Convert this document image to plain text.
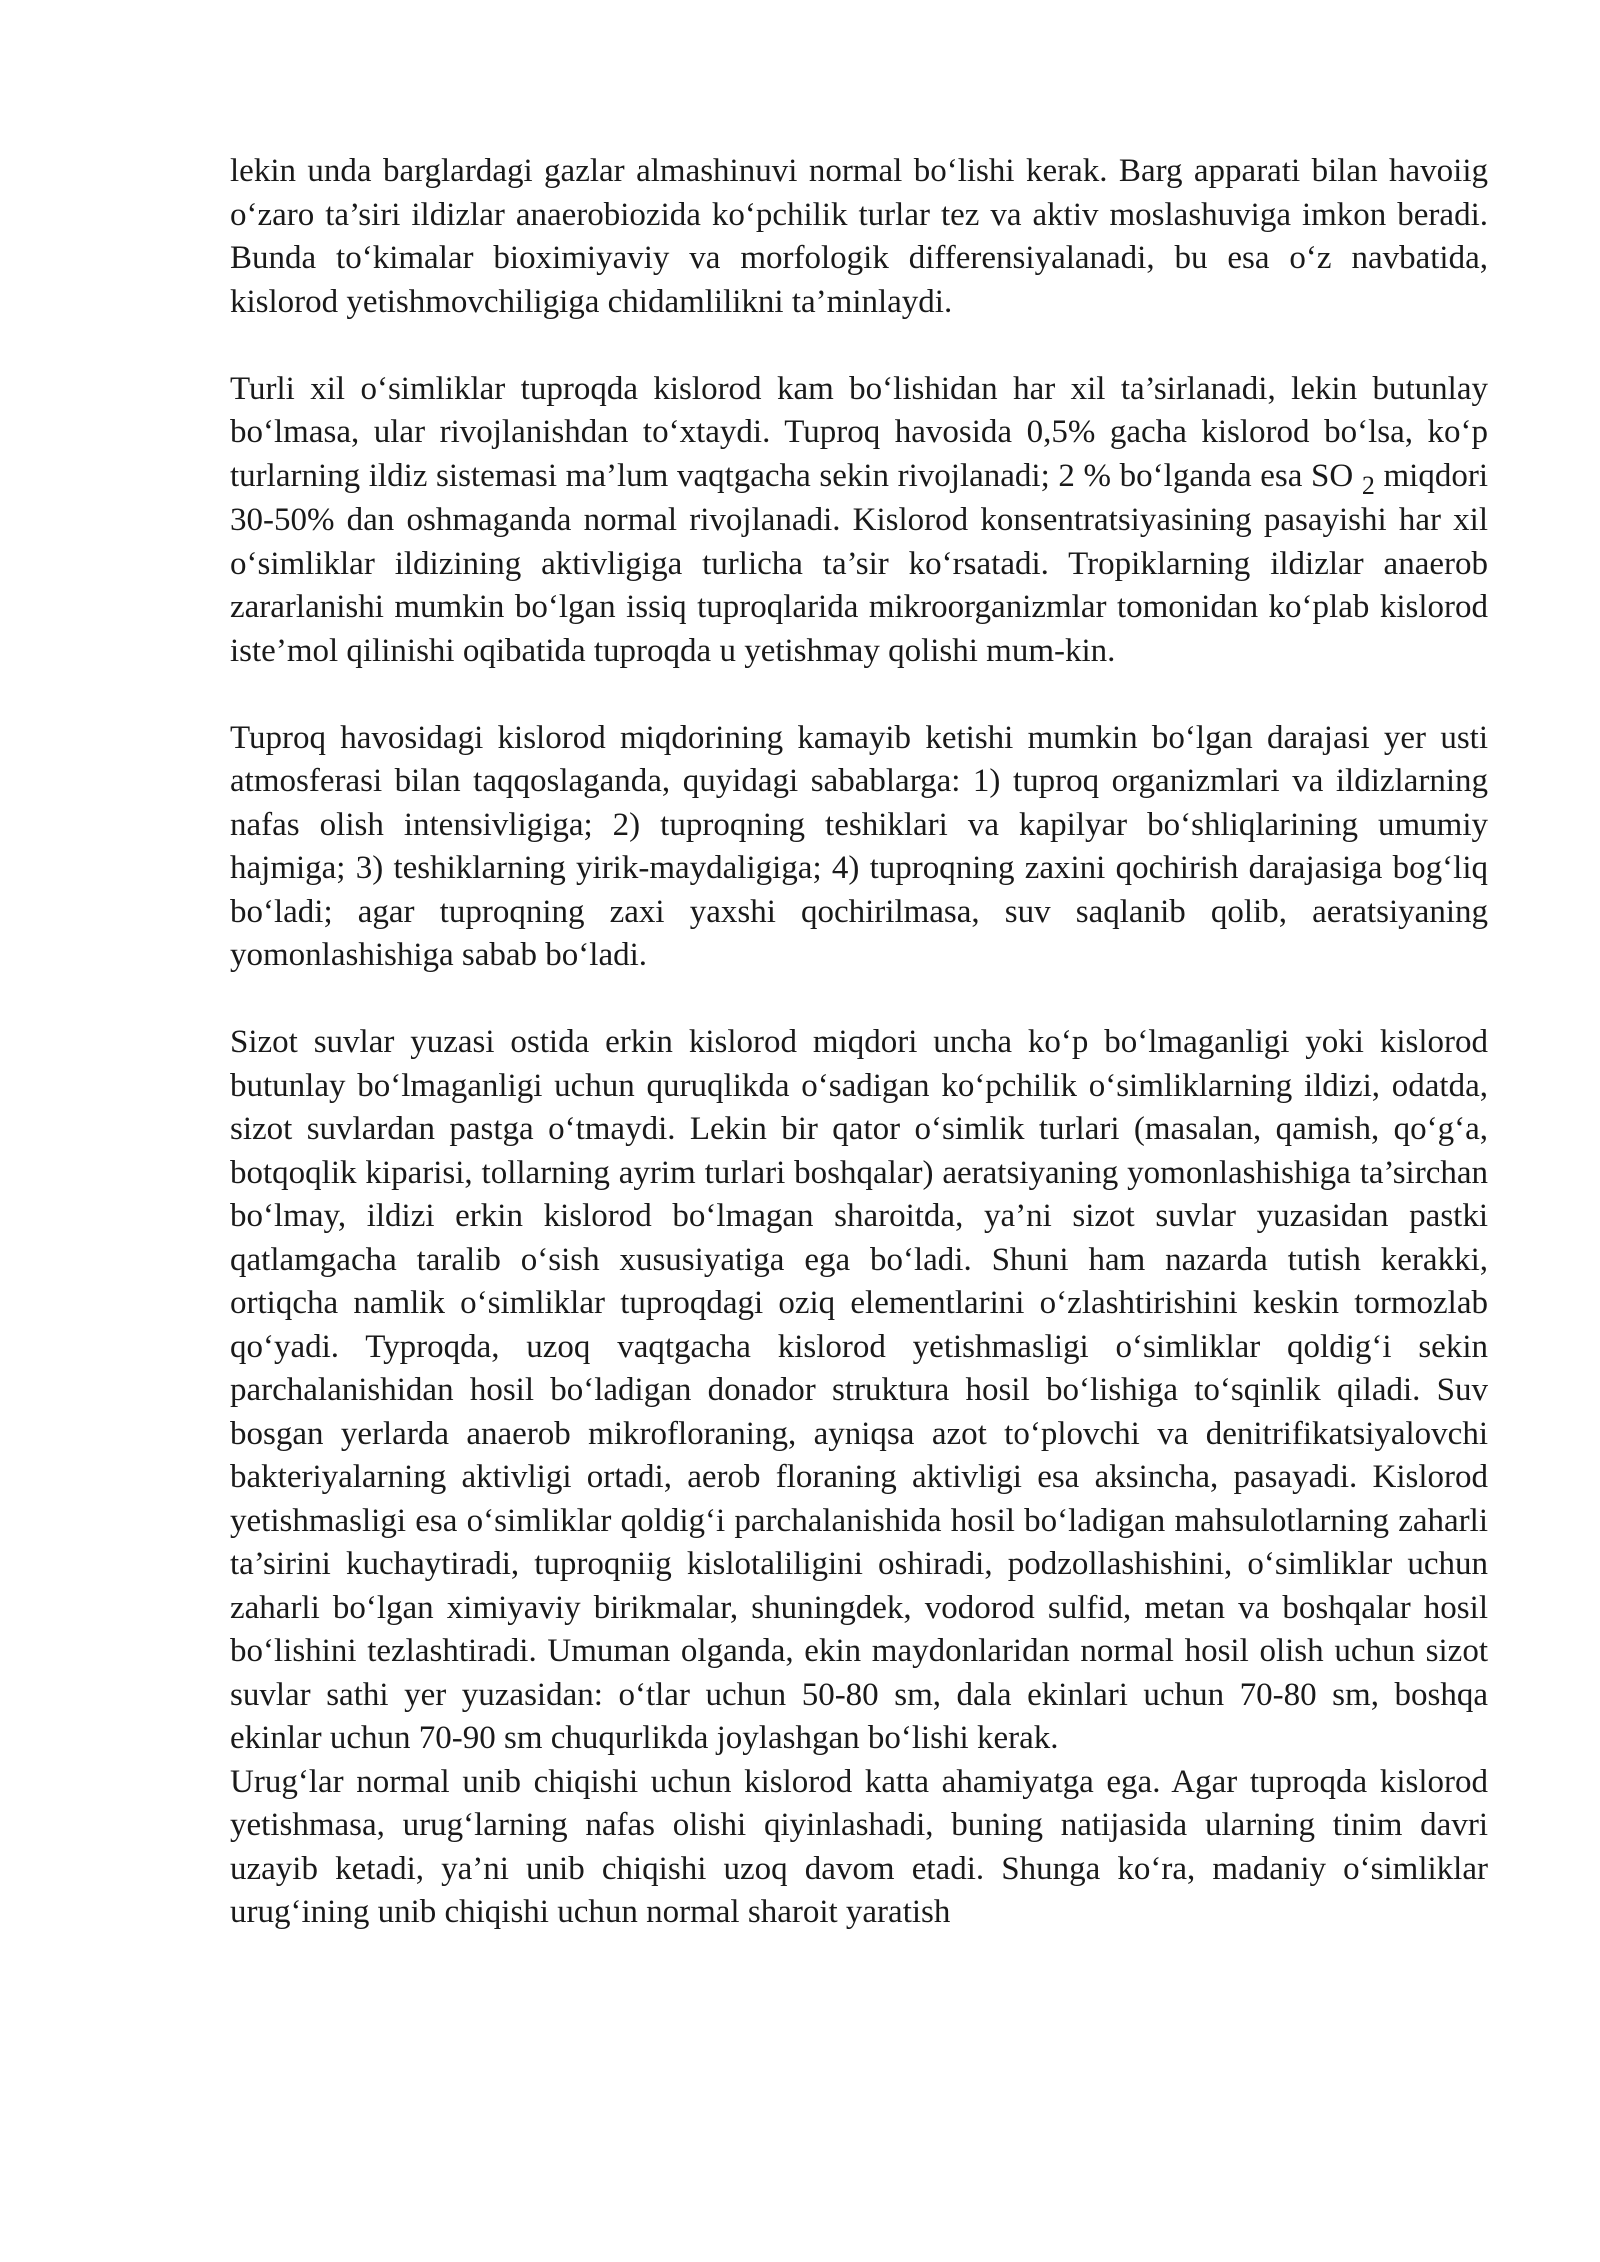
lekin unda barglardagi gazlar almashinuvi normal bo‘lishi kerak. Barg apparati bilan havoiig o‘zaro ta’siri ildizlar anaerobiozida ko‘pchilik turlar tez va aktiv moslashuviga imkon beradi. Bunda to‘kimalar bioximiyaviy va morfologik differensiyalanadi, bu esa o‘z navbatida, kislorod yetishmovchiligiga chidamlilikni ta’minlaydi.

Turli xil o‘simliklar tuproqda kislorod kam bo‘lishidan har xil ta’sirlanadi, lekin butunlay bo‘lmasa, ular rivojlanishdan to‘xtaydi. Tuproq havosida 0,5% gacha kislorod bo‘lsa, ko‘p turlarning ildiz sistemasi ma’lum vaqtgacha sekin rivojlanadi; 2 % bo‘lganda esa SO $_2$ miqdori 30-50% dan oshmaganda normal rivojlanadi. Kislorod konsentratsiyasining pasayishi har xil o‘simliklar ildizining aktivligiga turlicha ta’sir ko‘rsatadi. Tropiklarning ildizlar anaerob zararlanishi mumkin bo‘lgan issiq tuproqlarida mikroorganizmlar tomonidan ko‘plab kislorod iste’mol qilinishi oqibatida tuproqda u yetishmay qolishi mum-kin.

Tuproq havosidagi kislorod miqdorining kamayib ketishi mumkin bo‘lgan darajasi yer usti atmosferasi bilan taqqoslaganda, quyidagi sabablarga: 1) tuproq organizmlari va ildizlarning nafas olish intensivligiga; 2) tuproqning teshiklari va kapilyar bo‘shliqlarining umumiy hajmiga; 3) teshiklarning yirik-maydaligiga; 4) tuproqning zaxini qochirish darajasiga bog‘liq bo‘ladi; agar tuproqning zaxi yaxshi qochirilmasa, suv saqlanib qolib, aeratsiyaning yomonlashishiga sabab bo‘ladi.

Sizot suvlar yuzasi ostida erkin kislorod miqdori uncha ko‘p bo‘lmaganligi yoki kislorod butunlay bo‘lmaganligi uchun quruqlikda o‘sadigan ko‘pchilik o‘simliklarning ildizi, odatda, sizot suvlardan pastga o‘tmaydi. Lekin bir qator o‘simlik turlari (masalan, qamish, qo‘g‘a, botqoqlik kiparisi, tollarning ayrim turlari boshqalar) aeratsiyaning yomonlashishiga ta’sirchan bo‘lmay, ildizi erkin kislorod bo‘lmagan sharoitda, ya’ni sizot suvlar yuzasidan pastki qatlamgacha taralib o‘sish xususiyatiga ega bo‘ladi. Shuni ham nazarda tutish kerakki, ortiqcha namlik o‘simliklar tuproqdagi oziq elementlarini o‘zlashtirishini keskin tormozlab qo‘yadi. Typroqda, uzoq vaqtgacha kislorod yetishmasligi o‘simliklar qoldig‘i sekin parchalanishidan hosil bo‘ladigan donador struktura hosil bo‘lishiga to‘sqinlik qiladi. Suv bosgan yerlarda anaerob mikrofloraning, ayniqsa azot to‘plovchi va denitrifikatsiyalovchi bakteriyalarning aktivligi ortadi, aerob floraning aktivligi esa aksincha, pasayadi. Kislorod yetishmasligi esa o‘simliklar qoldig‘i parchalanishida hosil bo‘ladigan mahsulotlarning zaharli ta’sirini kuchaytiradi, tuproqniig kislotaliligini oshiradi, podzollashishini, o‘simliklar uchun zaharli bo‘lgan ximiyaviy birikmalar, shuningdek, vodorod sulfid, metan va boshqalar hosil bo‘lishini tezlashtiradi. Umuman olganda, ekin maydonlaridan normal hosil olish uchun sizot suvlar sathi yer yuzasidan: o‘tlar uchun 50-80 sm, dala ekinlari uchun 70-80 sm, boshqa ekinlar uchun 70-90 sm chuqurlikda joylashgan bo‘lishi kerak.

Urug‘lar normal unib chiqishi uchun kislorod katta ahamiyatga ega. Agar tuproqda kislorod yetishmasa, urug‘larning nafas olishi qiyinlashadi, buning natijasida ularning tinim davri uzayib ketadi, ya’ni unib chiqishi uzoq davom etadi. Shunga ko‘ra, madaniy o‘simliklar urug‘ining unib chiqishi uchun normal sharoit yaratish
